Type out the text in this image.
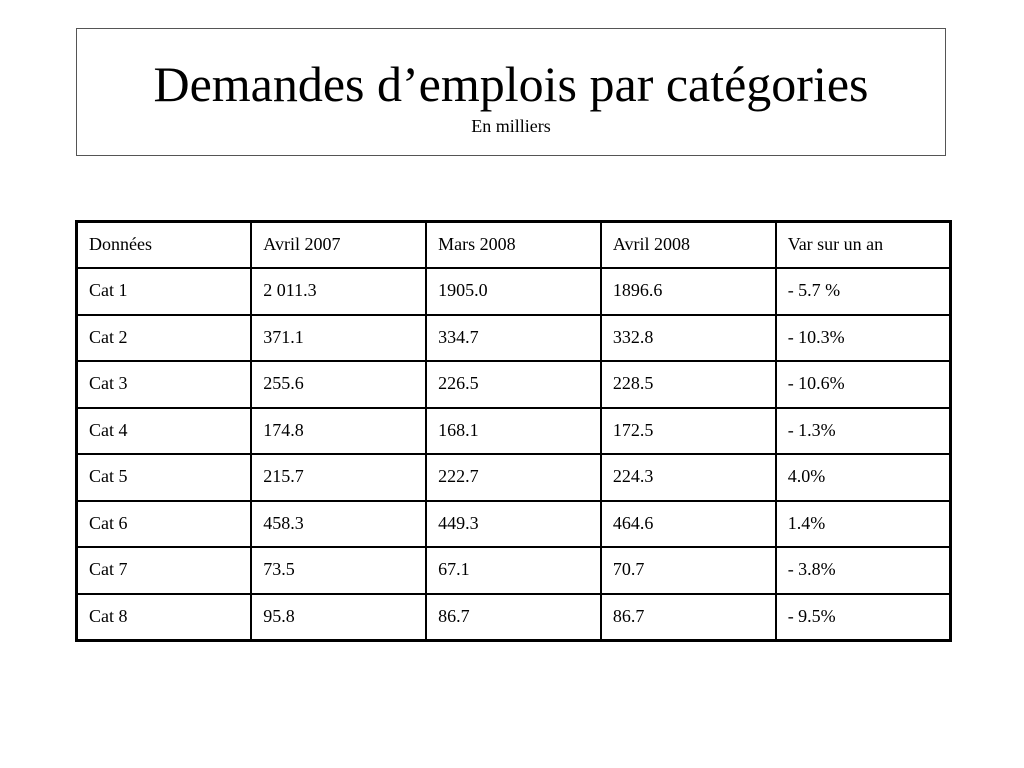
Demandes d’emplois par catégories
En milliers
Données	Avril 2007	Mars 2008	Avril 2008	Var sur un an
Cat 1	2 011.3	1905.0	1896.6	- 5.7 %
Cat 2	371.1	334.7	332.8	- 10.3%
Cat 3	255.6	226.5	228.5	- 10.6%
Cat 4	174.8	168.1	172.5	- 1.3%
Cat 5	215.7	222.7	224.3	4.0%
Cat 6	458.3	449.3	464.6	1.4%
Cat 7	73.5	67.1	70.7	- 3.8%
Cat 8	95.8	86.7	86.7	- 9.5%
